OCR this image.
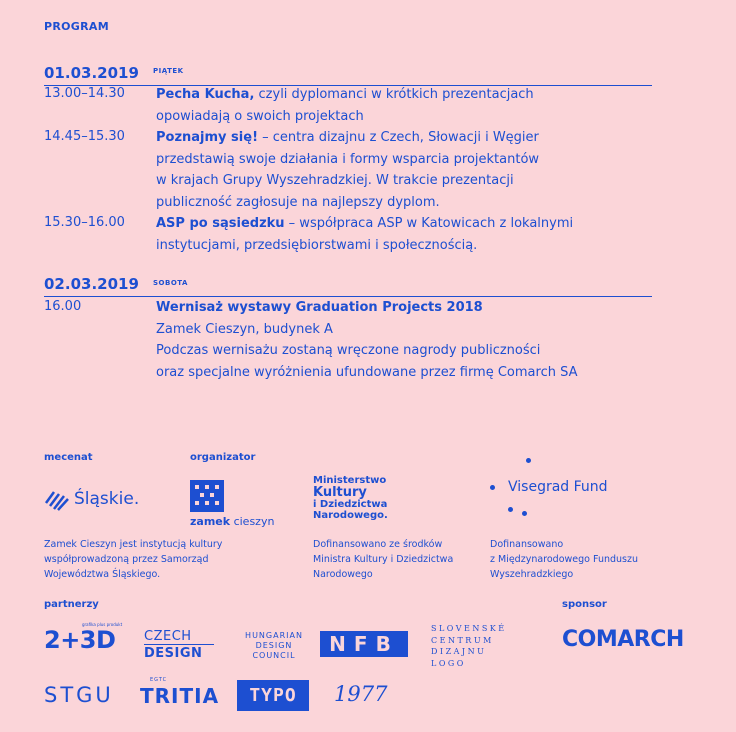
PROGRAM
01.03.2019 PIĄTEK
13.00–14.30 Pecha Kucha, czyli dyplomanci w krótkich prezentacjach
opowiadają o swoich projektach
14.45–15.30 Poznajmy się! – centra dizajnu z Czech, Słowacji i Węgier
przedstawią swoje działania i formy wsparcia projektantów
w krajach Grupy Wyszehradzkiej. W trakcie prezentacji
publiczność zagłosuje na najlepszy dyplom.
15.30–16.00 ASP po sąsiedzku – współpraca ASP w Katowicach z lokalnymi
instytucjami, przedsiębiorstwami i społecznością.
02.03.2019 SOBOTA
16.00	Wernisaż wystawy Graduation Projects 2018
Zamek Cieszyn, budynek A
Podczas wernisażu zostaną wręczone nagrody publiczności
oraz specjalne wyróżnienia ufundowane przez firmę Comarch SA
mecenat	organizator
Śląskie.
zamek cieszyn
Ministerstwo
Kultury
i Dziedzictwa
Narodowego.
Visegrad Fund
Zamek Cieszyn jest instytucją kultury
współprowadzoną przez Samorząd
Województwa Śląskiego.
Dofinansowano ze środków
Ministra Kultury i Dziedzictwa
Narodowego
Dofinansowano
z Międzynarodowego Funduszu
Wyszehradzkiego
partnerzy	sponsor
grafika plus produkt
2+3D CZECH
DESIGN
HUNGARIAN
DESIGN
COUNCIL	NFB
SLOVENSKÉ
CENTRUM
DIZAJNU
LOGO
COMARCH
STGU
EGTC
TRITIA	TYPO	1977
